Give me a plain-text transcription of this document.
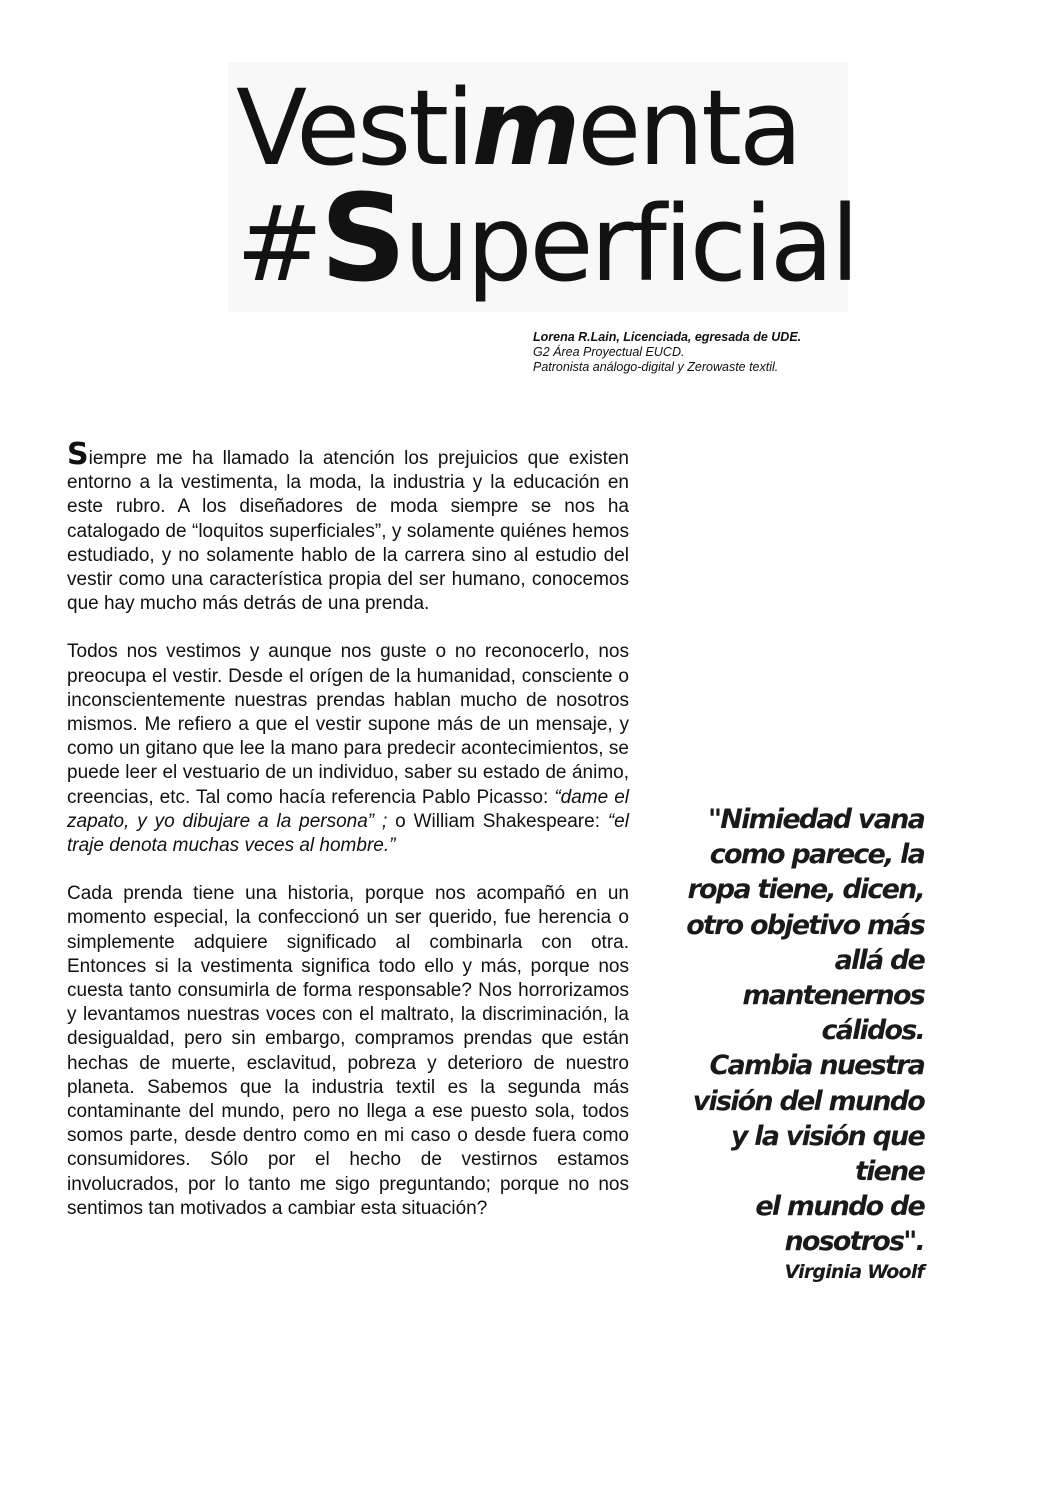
Vestimenta
#Superficial
Lorena R.Lain, Licenciada, egresada de UDE.
G2 Área Proyectual EUCD.
Patronista análogo-digital y Zerowaste textil.

Siempre me ha llamado la atención los prejuicios que existen entorno a la vestimenta, la moda, la industria y la educación en este rubro. A los diseñadores de moda siempre se nos ha catalogado de “loquitos superficiales”, y solamente quiénes hemos estudiado, y no solamente hablo de la carrera sino al estudio del vestir como una característica propia del ser humano, conocemos que hay mucho más detrás de una prenda.

Todos nos vestimos y aunque nos guste o no reconocerlo, nos preocupa el vestir. Desde el orígen de la humanidad, consciente o inconscientemente nuestras prendas hablan mucho de nosotros mismos. Me refiero a que el vestir supone más de un mensaje, y como un gitano que lee la mano para predecir acontecimientos, se puede leer el vestuario de un individuo, saber su estado de ánimo, creencias, etc. Tal como hacía referencia Pablo Picasso: “dame el zapato, y yo dibujare a la persona” ; o William Shakespeare: “el traje denota muchas veces al hombre.”

Cada prenda tiene una historia, porque nos acompañó en un momento especial, la confeccionó un ser querido, fue herencia o simplemente adquiere significado al combinarla con otra. Entonces si la vestimenta significa todo ello y más, porque nos cuesta tanto consumirla de forma responsable? Nos horrorizamos y levantamos nuestras voces con el maltrato, la discriminación, la desigualdad, pero sin embargo, compramos prendas que están hechas de muerte, esclavitud, pobreza y deterioro de nuestro planeta. Sabemos que la industria textil es la segunda más contaminante del mundo, pero no llega a ese puesto sola, todos somos parte, desde dentro como en mi caso o desde fuera como consumidores. Sólo por el hecho de vestirnos estamos involucrados, por lo tanto me sigo preguntando; porque no nos sentimos tan motivados a cambiar esta situación?

"Nimiedad vana
como parece, la
ropa tiene, dicen,
otro objetivo más
allá de
mantenernos
cálidos.
Cambia nuestra
visión del mundo
y la visión que
tiene
el mundo de
nosotros".
Virginia Woolf
